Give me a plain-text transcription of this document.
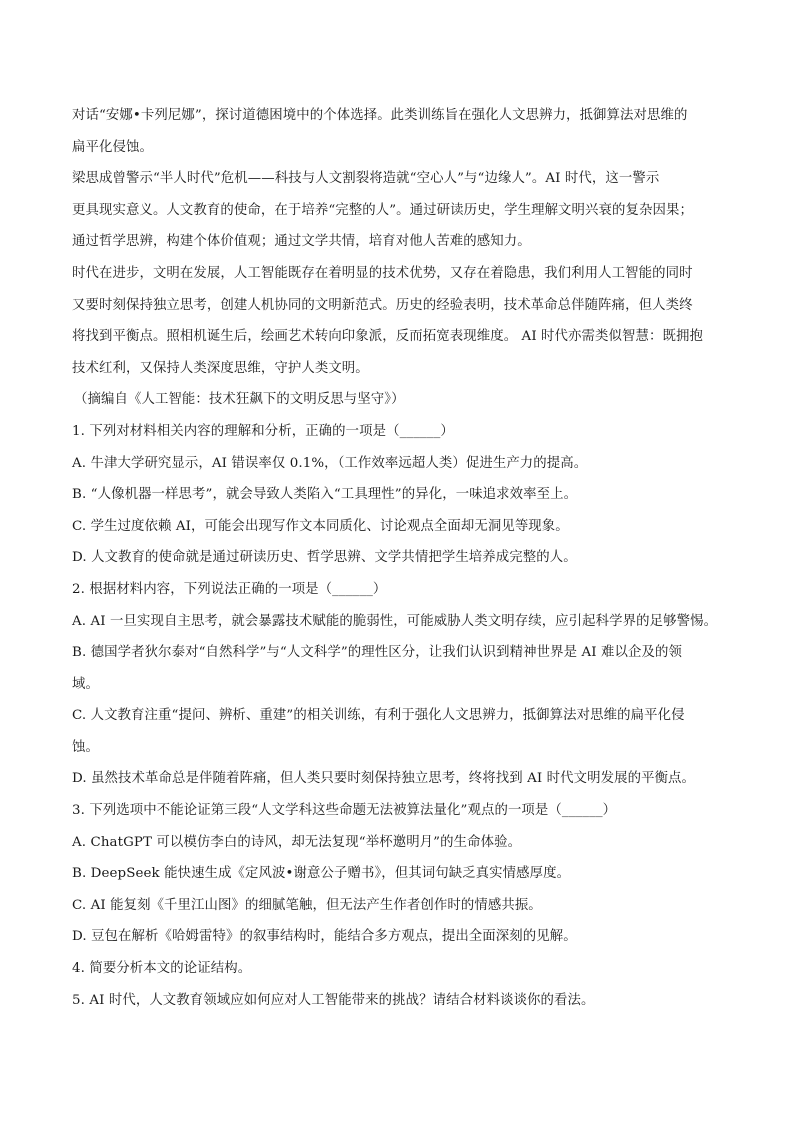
对话“安娜•卡列尼娜”，探讨道德困境中的个体选择。此类训练旨在强化人文思辨力，抵御算法对思维的
扁平化侵蚀。
梁思成曾警示“半人时代”危机——科技与人文割裂将造就“空心人”与“边缘人”。AI 时代，这一警示
更具现实意义。人文教育的使命，在于培养“完整的人”。通过研读历史，学生理解文明兴衰的复杂因果；
通过哲学思辨，构建个体价值观；通过文学共情，培育对他人苦难的感知力。
时代在进步，文明在发展，人工智能既存在着明显的技术优势，又存在着隐患，我们利用人工智能的同时
又要时刻保持独立思考，创建人机协同的文明新范式。历史的经验表明，技术革命总伴随阵痛，但人类终
将找到平衡点。照相机诞生后，绘画艺术转向印象派，反而拓宽表现维度。 AI 时代亦需类似智慧：既拥抱
技术红利，又保持人类深度思维，守护人类文明。
（摘编自《人工智能：技术狂飙下的文明反思与坚守》）
1. 下列对材料相关内容的理解和分析，正确的一项是（______）
A. 牛津大学研究显示，AI 错误率仅 0.1%，（工作效率远超人类）促进生产力的提高。
B. “人像机器一样思考”，就会导致人类陷入“工具理性”的异化，一味追求效率至上。
C. 学生过度依赖 AI，可能会出现写作文本同质化、讨论观点全面却无洞见等现象。
D. 人文教育的使命就是通过研读历史、哲学思辨、文学共情把学生培养成完整的人。
2. 根据材料内容，下列说法正确的一项是（______）
A. AI 一旦实现自主思考，就会暴露技术赋能的脆弱性，可能威胁人类文明存续，应引起科学界的足够警惕。
B. 德国学者狄尔泰对“自然科学”与“人文科学”的理性区分，让我们认识到精神世界是 AI 难以企及的领
域。
C. 人文教育注重“提问、辨析、重建”的相关训练，有利于强化人文思辨力，抵御算法对思维的扁平化侵
蚀。
D. 虽然技术革命总是伴随着阵痛，但人类只要时刻保持独立思考，终将找到 AI 时代文明发展的平衡点。
3. 下列选项中不能论证第三段“人文学科这些命题无法被算法量化”观点的一项是（______）
A. ChatGPT 可以模仿李白的诗风，却无法复现“举杯邀明月”的生命体验。
B. DeepSeek 能快速生成《定风波•谢意公子赠书》，但其词句缺乏真实情感厚度。
C. AI 能复刻《千里江山图》的细腻笔触，但无法产生作者创作时的情感共振。
D. 豆包在解析《哈姆雷特》的叙事结构时，能结合多方观点，提出全面深刻的见解。
4. 简要分析本文的论证结构。
5. AI 时代，人文教育领域应如何应对人工智能带来的挑战？请结合材料谈谈你的看法。
